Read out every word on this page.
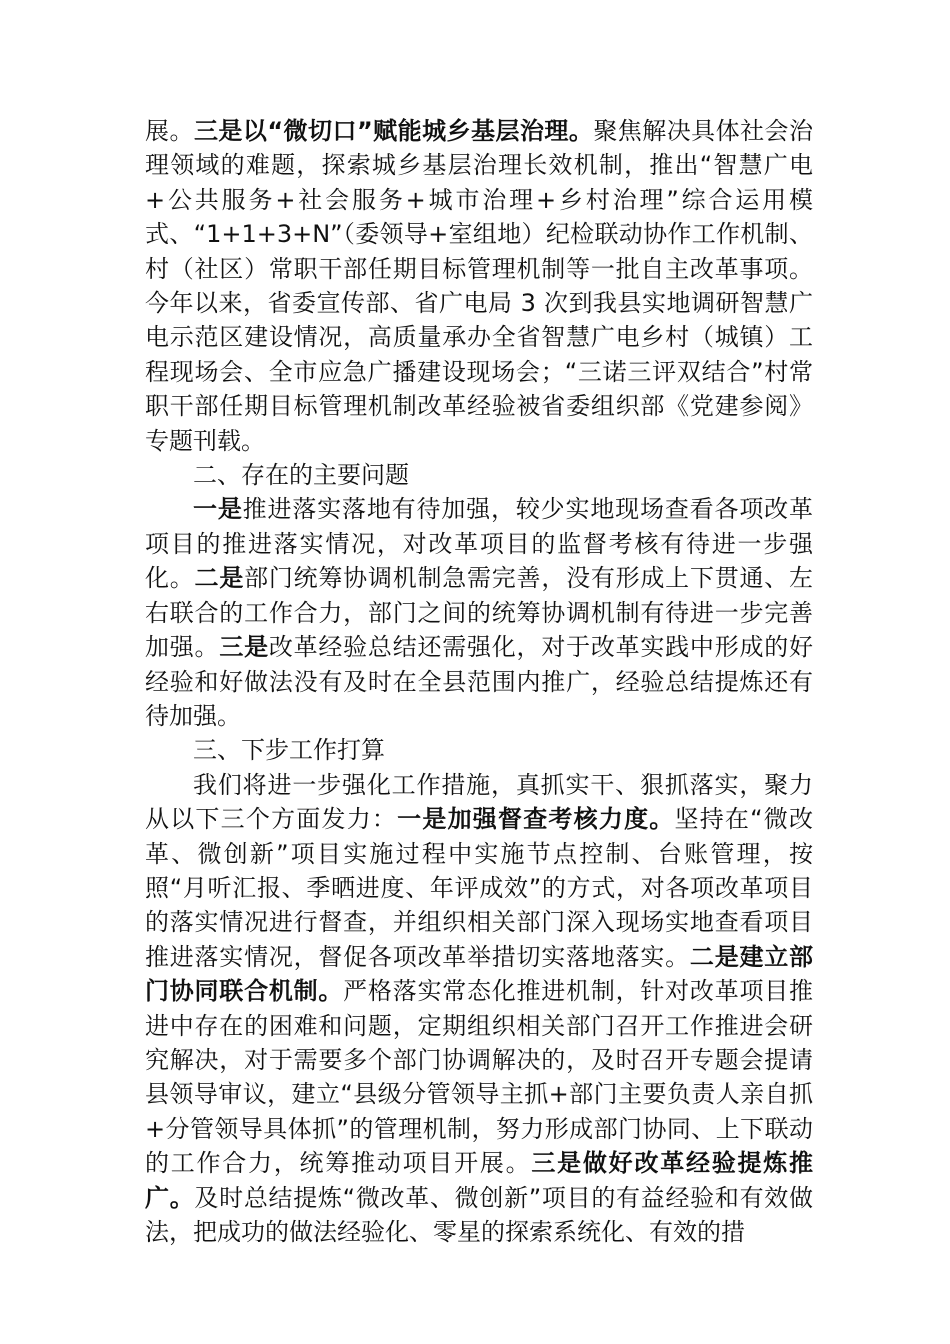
展。三是以“微切口”赋能城乡基层治理。聚焦解决具体社会治理领域的难题，探索城乡基层治理长效机制，推出“智慧广电+公共服务+社会服务+城市治理+乡村治理”综合运用模式、“1+1+3+N”（委领导+室组地）纪检联动协作工作机制、村（社区）常职干部任期目标管理机制等一批自主改革事项。今年以来，省委宣传部、省广电局 3 次到我县实地调研智慧广电示范区建设情况，高质量承办全省智慧广电乡村（城镇）工程现场会、全市应急广播建设现场会；“三诺三评双结合”村常职干部任期目标管理机制改革经验被省委组织部《党建参阅》专题刊载。

二、存在的主要问题

一是推进落实落地有待加强，较少实地现场查看各项改革项目的推进落实情况，对改革项目的监督考核有待进一步强化。二是部门统筹协调机制急需完善，没有形成上下贯通、左右联合的工作合力，部门之间的统筹协调机制有待进一步完善加强。三是改革经验总结还需强化，对于改革实践中形成的好经验和好做法没有及时在全县范围内推广，经验总结提炼还有待加强。

三、下步工作打算

我们将进一步强化工作措施，真抓实干、狠抓落实，聚力从以下三个方面发力：一是加强督查考核力度。坚持在“微改革、微创新”项目实施过程中实施节点控制、台账管理，按照“月听汇报、季晒进度、年评成效”的方式，对各项改革项目的落实情况进行督查，并组织相关部门深入现场实地查看项目推进落实情况，督促各项改革举措切实落地落实。二是建立部门协同联合机制。严格落实常态化推进机制，针对改革项目推进中存在的困难和问题，定期组织相关部门召开工作推进会研究解决，对于需要多个部门协调解决的，及时召开专题会提请县领导审议，建立“县级分管领导主抓+部门主要负责人亲自抓+分管领导具体抓”的管理机制，努力形成部门协同、上下联动的工作合力，统筹推动项目开展。三是做好改革经验提炼推广。及时总结提炼“微改革、微创新”项目的有益经验和有效做法，把成功的做法经验化、零星的探索系统化、有效的措
